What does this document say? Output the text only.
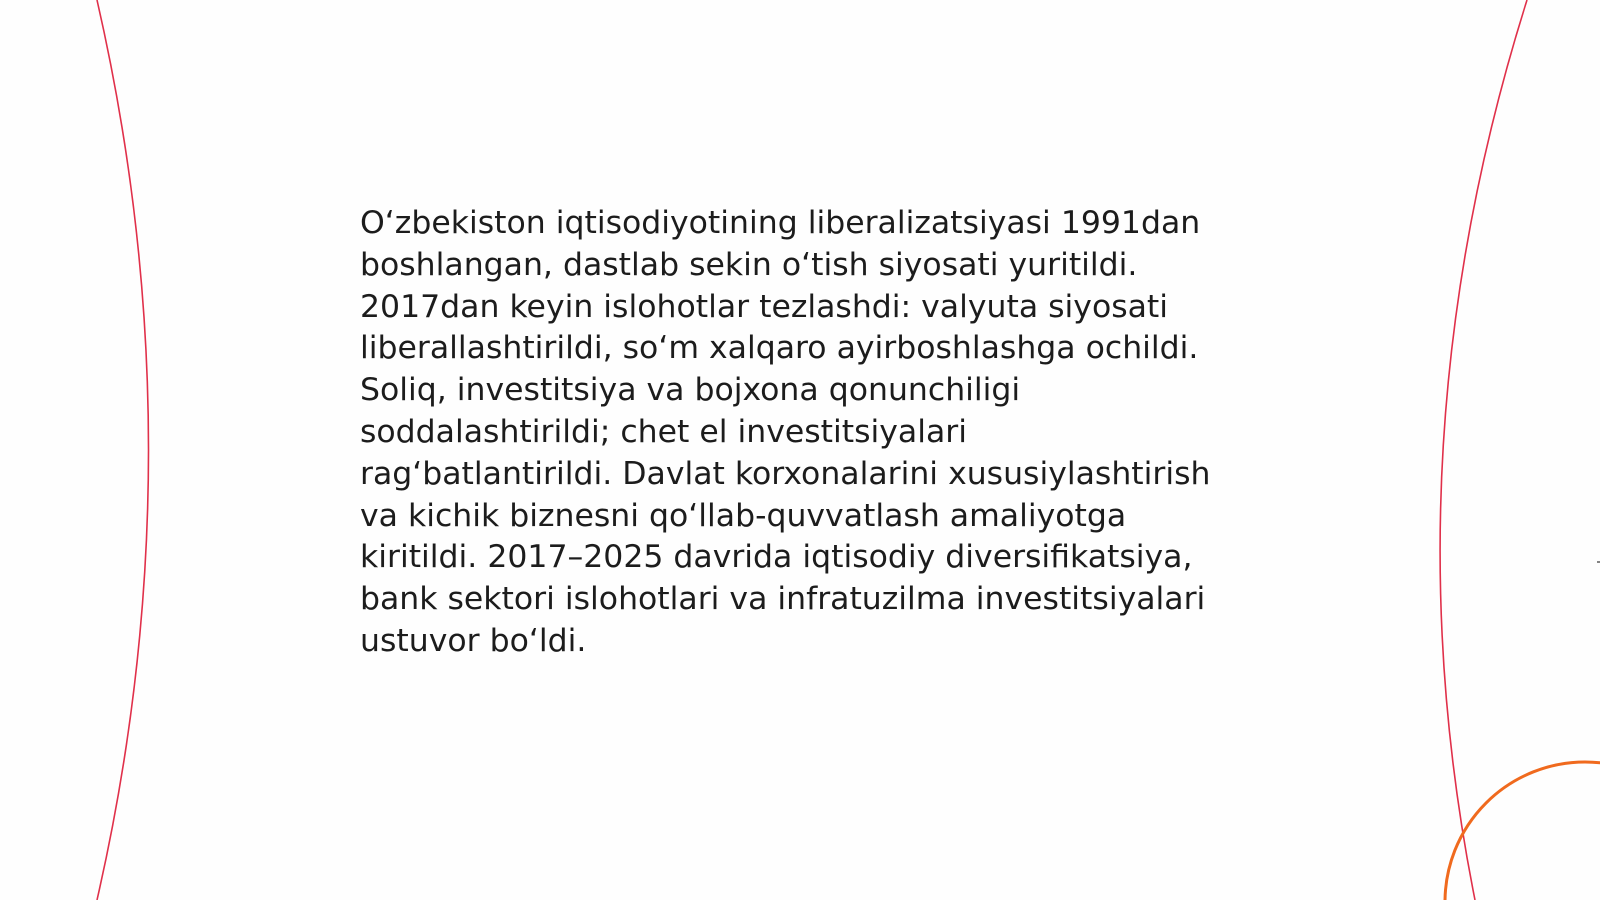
O‘zbekiston iqtisodiyotining liberalizatsiyasi 1991dan
boshlangan, dastlab sekin o‘tish siyosati yuritildi.
2017dan keyin islohotlar tezlashdi: valyuta siyosati
liberallashtirildi, so‘m xalqaro ayirboshlashga ochildi.
Soliq, investitsiya va bojxona qonunchiligi
soddalashtirildi; chet el investitsiyalari
rag‘batlantirildi. Davlat korxonalarini xususiylashtirish
va kichik biznesni qo‘llab-quvvatlash amaliyotga
kiritildi. 2017–2025 davrida iqtisodiy diversifikatsiya,
bank sektori islohotlari va infratuzilma investitsiyalari
ustuvor bo‘ldi.
